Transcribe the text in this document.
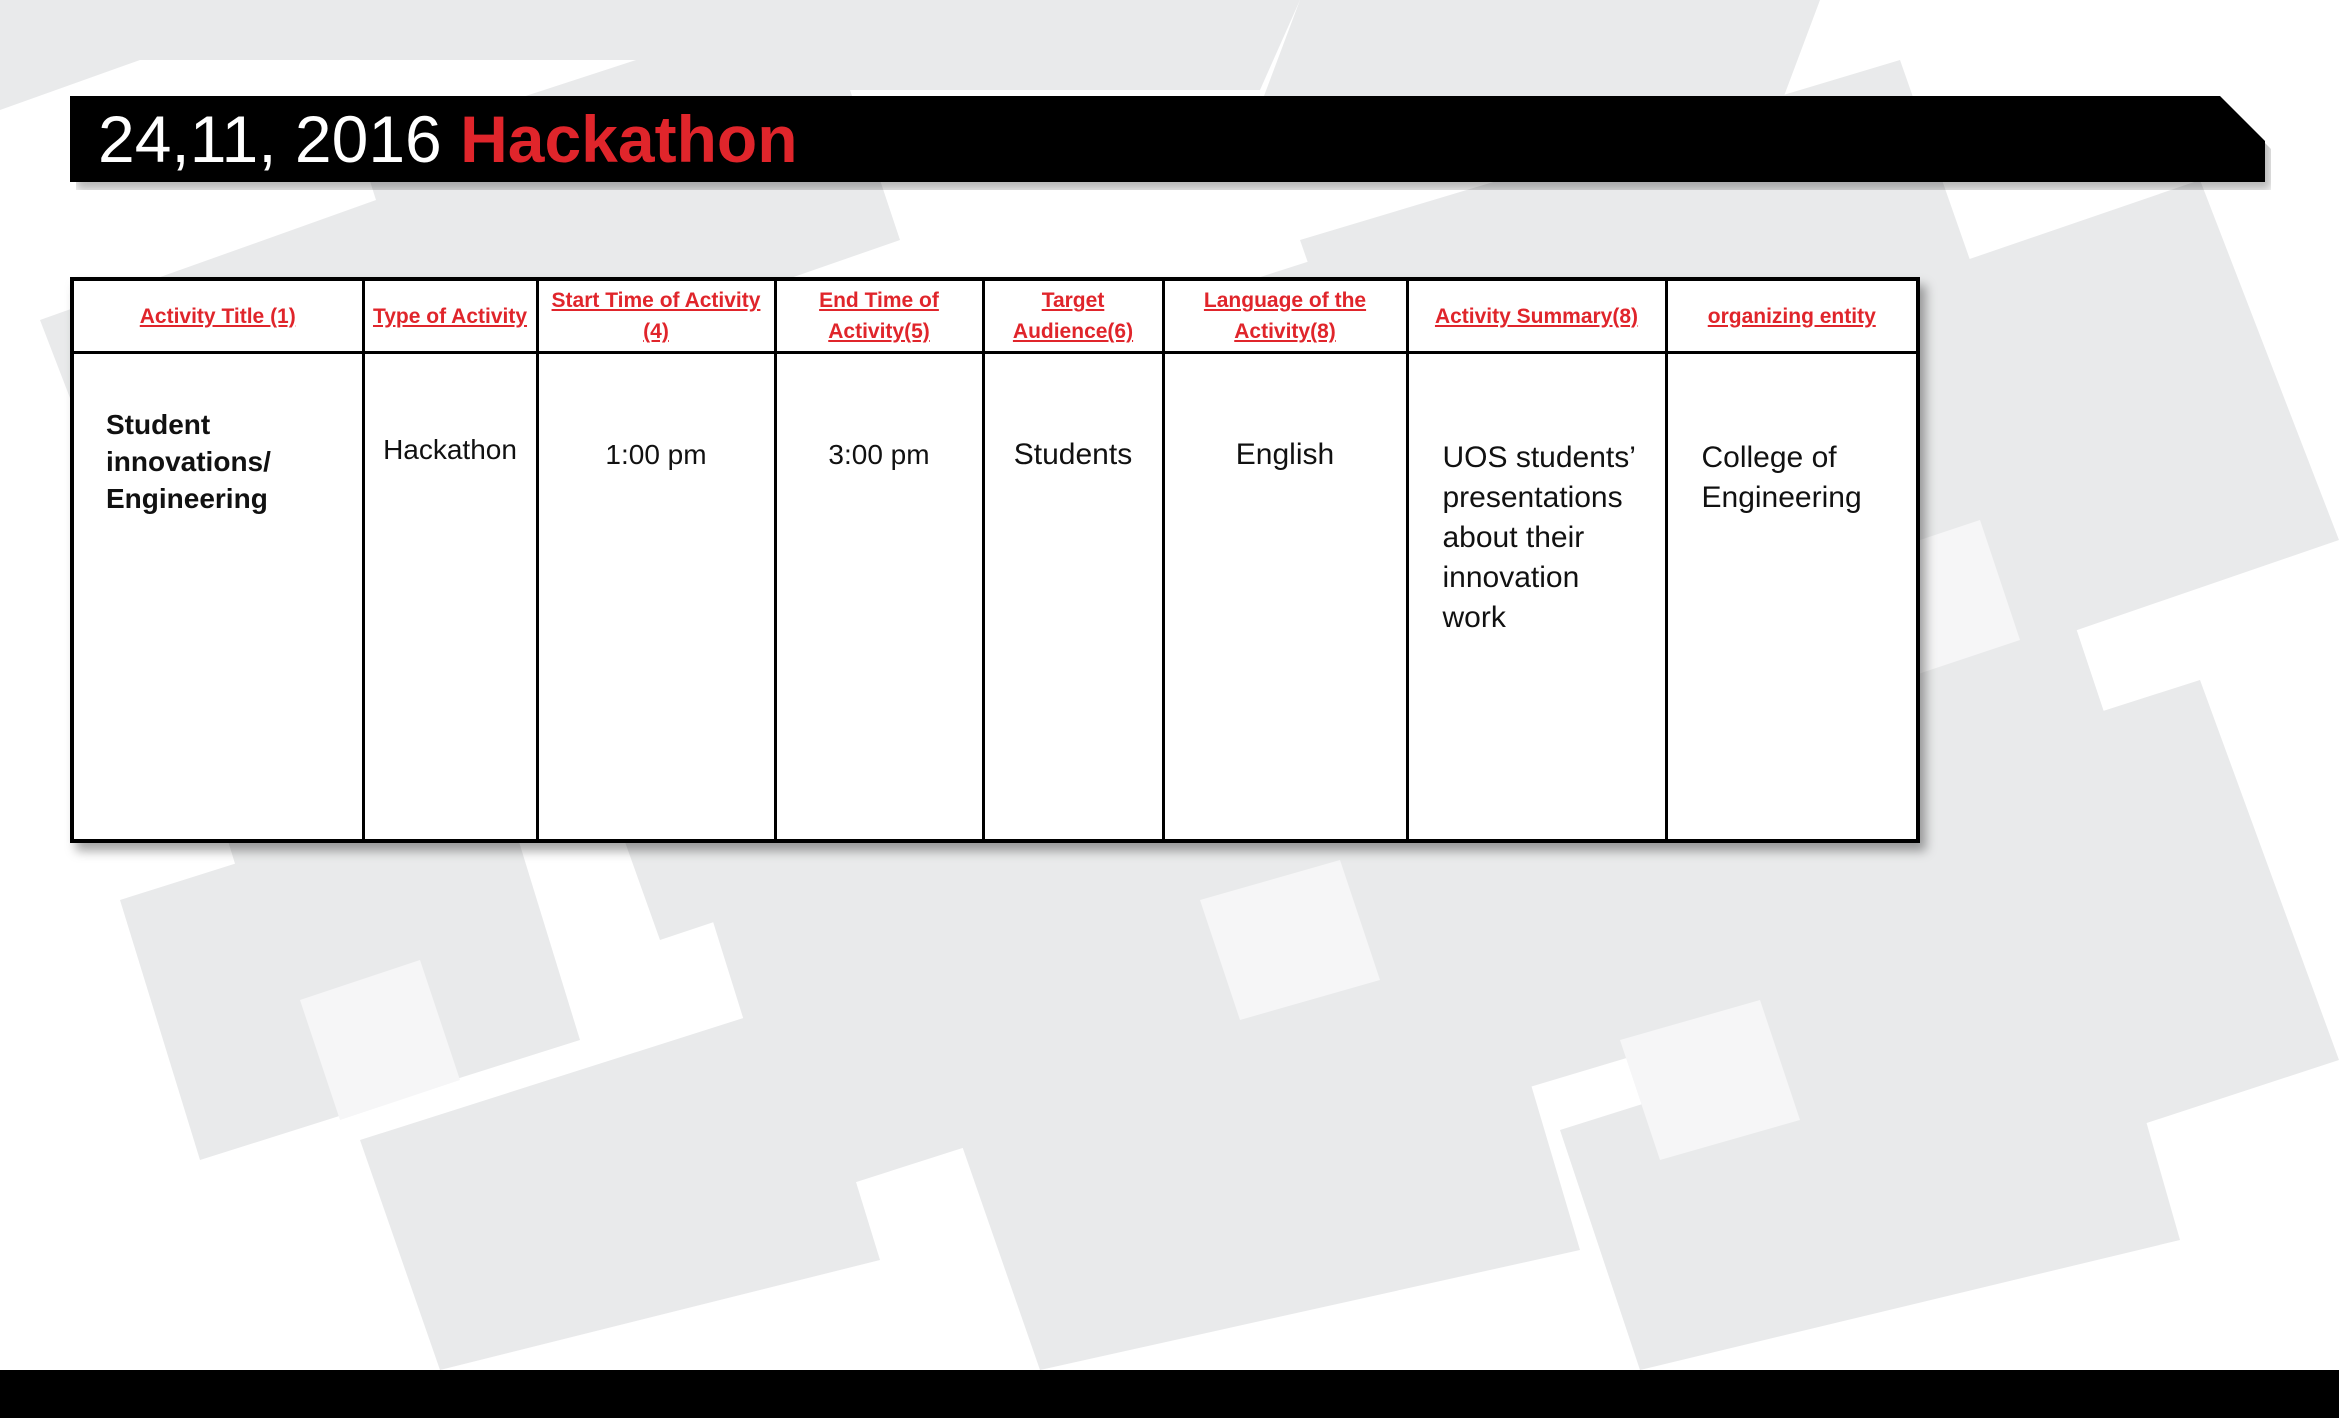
24,11, 2016 Hackathon
Activity Title (1)	Type of Activity	Start Time of Activity (4)	End Time of Activity(5)	Target Audience(6)	Language of the Activity(8)	Activity Summary(8)	organizing entity
Student innovations/ Engineering	Hackathon	1:00 pm	3:00 pm	Students	English	UOS students’ presentations about their innovation work	College of Engineering
